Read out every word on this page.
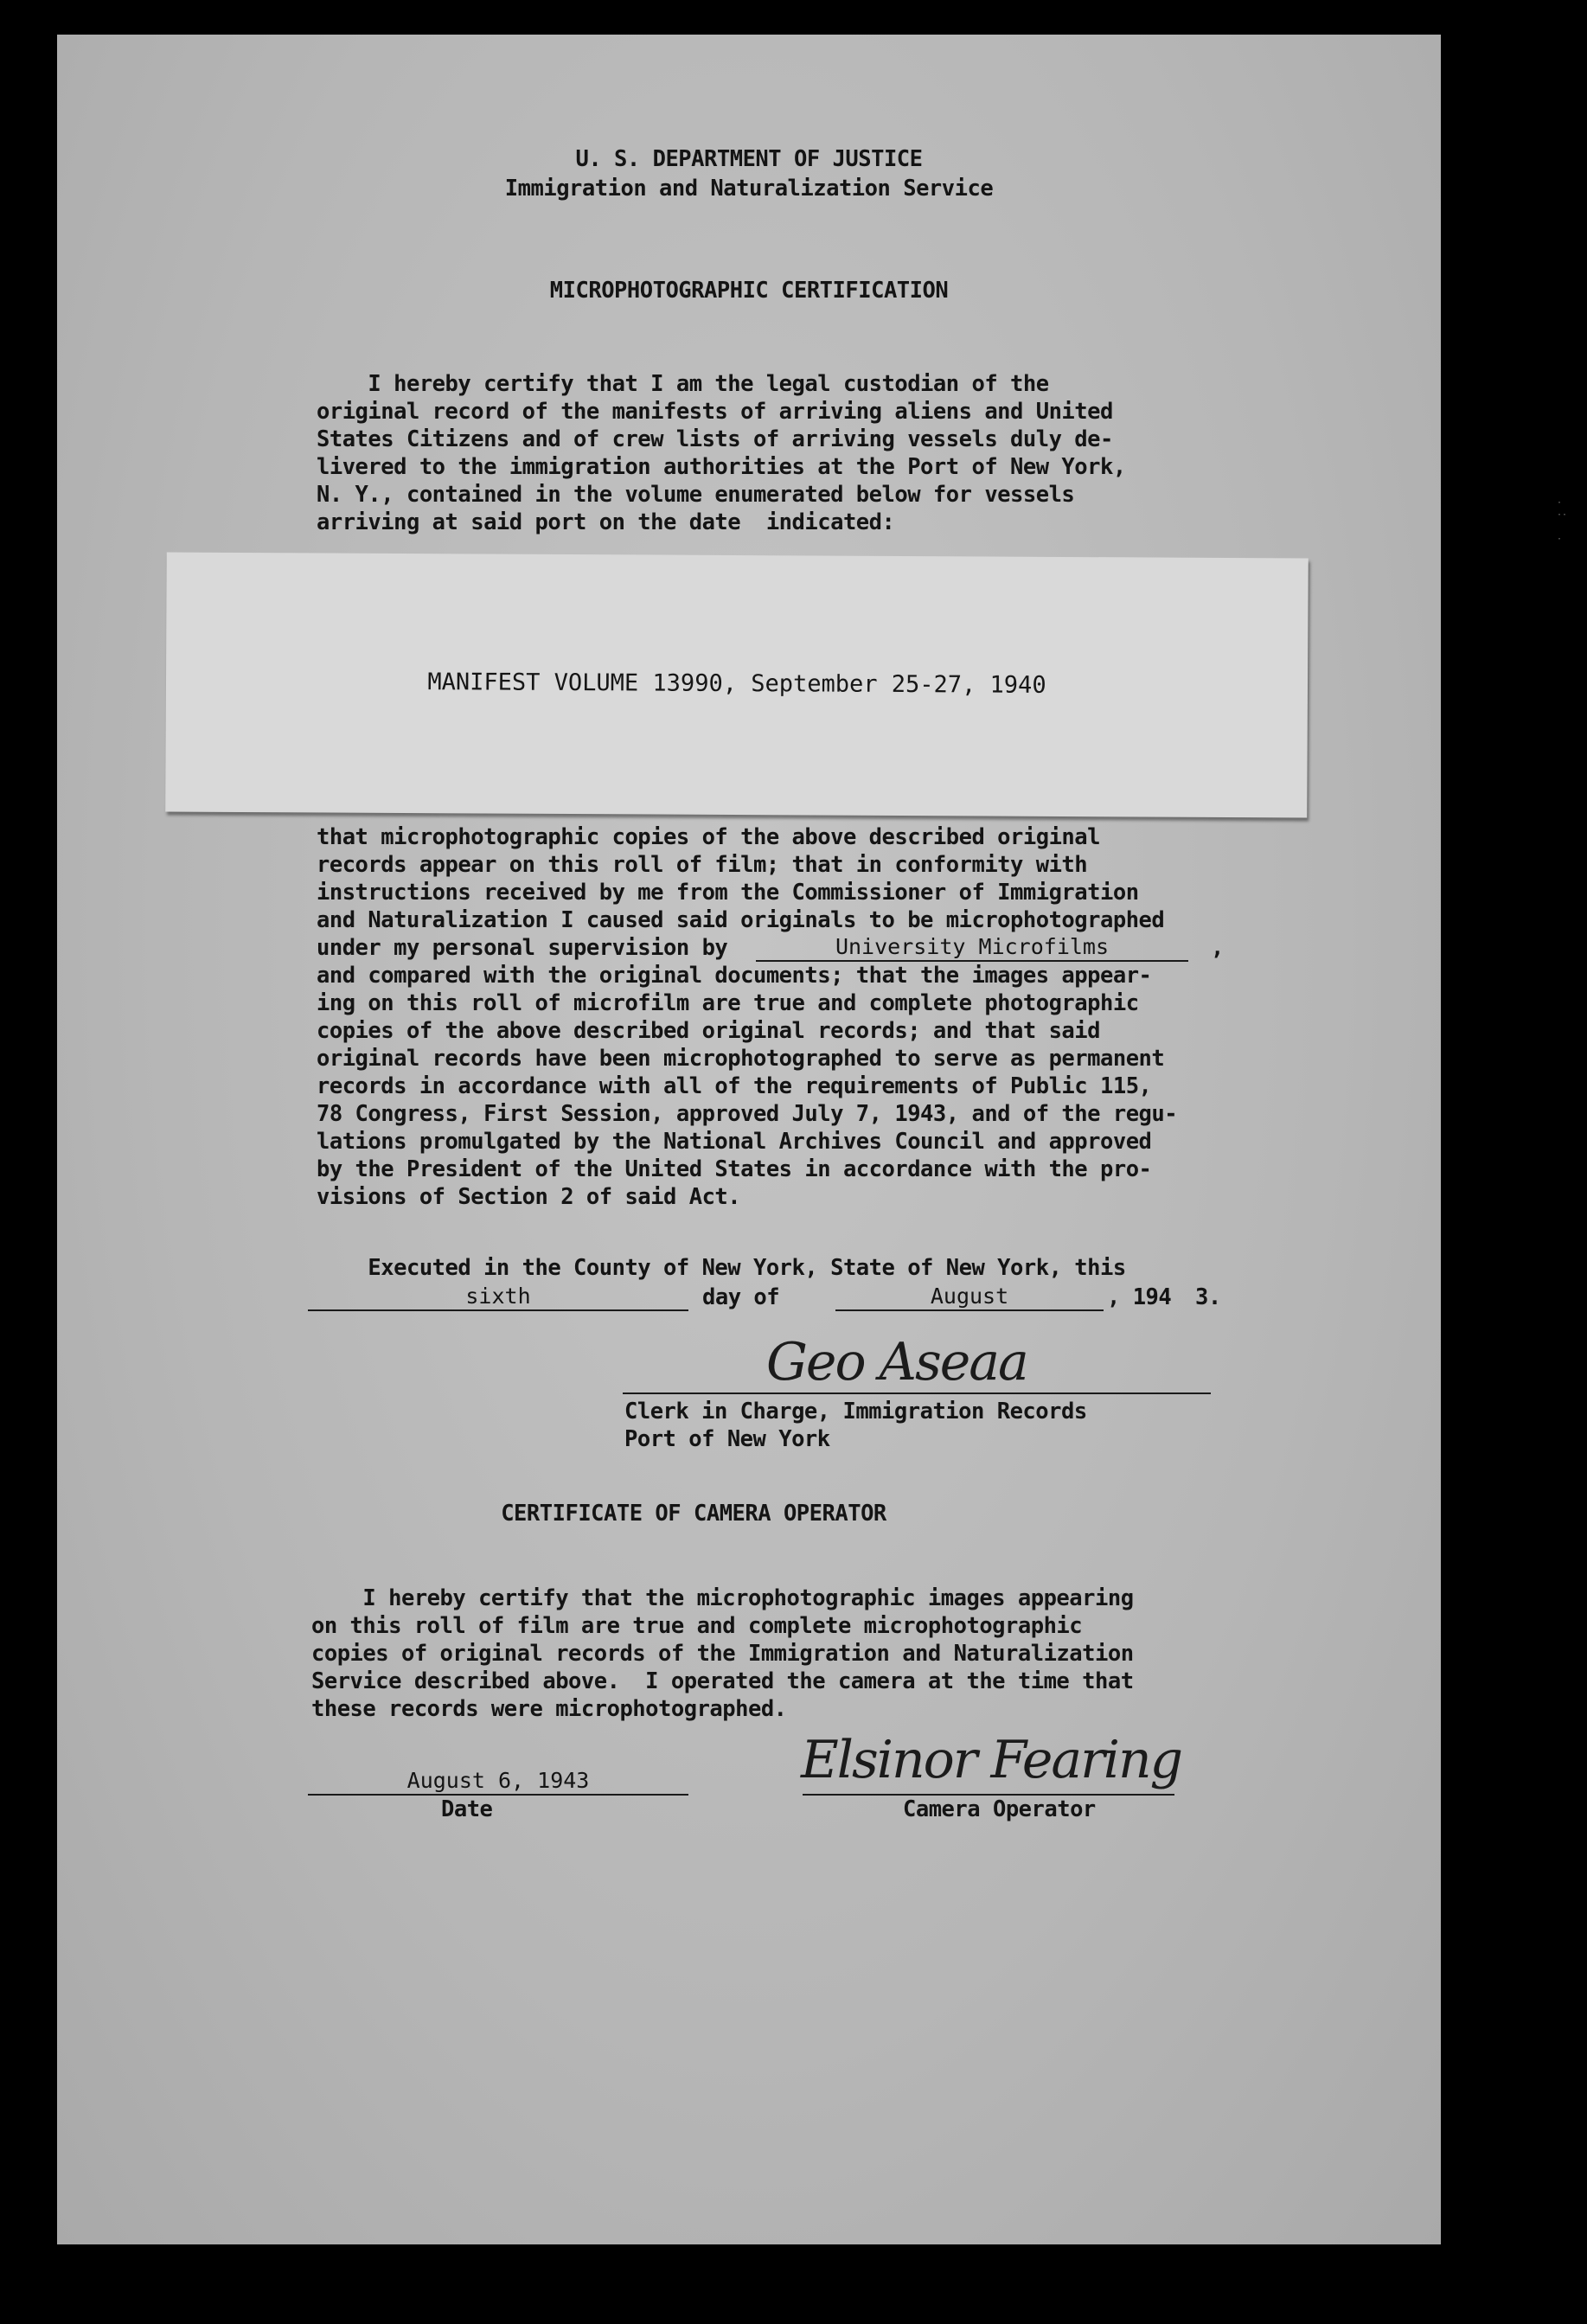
U. S. DEPARTMENT OF JUSTICE
Immigration and Naturalization Service
MICROPHOTOGRAPHIC CERTIFICATION
I hereby certify that I am the legal custodian of the
original record of the manifests of arriving aliens and United
States Citizens and of crew lists of arriving vessels duly de-
livered to the immigration authorities at the Port of New York,
N. Y., contained in the volume enumerated below for vessels
arriving at said port on the date  indicated:
MANIFEST VOLUME 13990, September 25-27, 1940
that microphotographic copies of the above described original
records appear on this roll of film; that in conformity with
instructions received by me from the Commissioner of Immigration
and Naturalization I caused said originals to be microphotographed
under my personal supervision by	University Microfilms	,
and compared with the original documents; that the images appear-
ing on this roll of microfilm are true and complete photographic
copies of the above described original records; and that said
original records have been microphotographed to serve as permanent
records in accordance with all of the requirements of Public 115,
78 Congress, First Session, approved July 7, 1943, and of the regu-
lations promulgated by the National Archives Council and approved
by the President of the United States in accordance with the pro-
visions of Section 2 of said Act.
Executed in the County of New York, State of New York, this
sixth	day of	August	, 194 3.
Geo Aseaa
Clerk in Charge, Immigration Records
Port of New York
CERTIFICATE OF CAMERA OPERATOR
I hereby certify that the microphotographic images appearing
on this roll of film are true and complete microphotographic
copies of original records of the Immigration and Naturalization
Service described above.  I operated the camera at the time that
these records were microphotographed.
August 6, 1943
Date
Elsinor Fearing
Camera Operator
·
··

·
